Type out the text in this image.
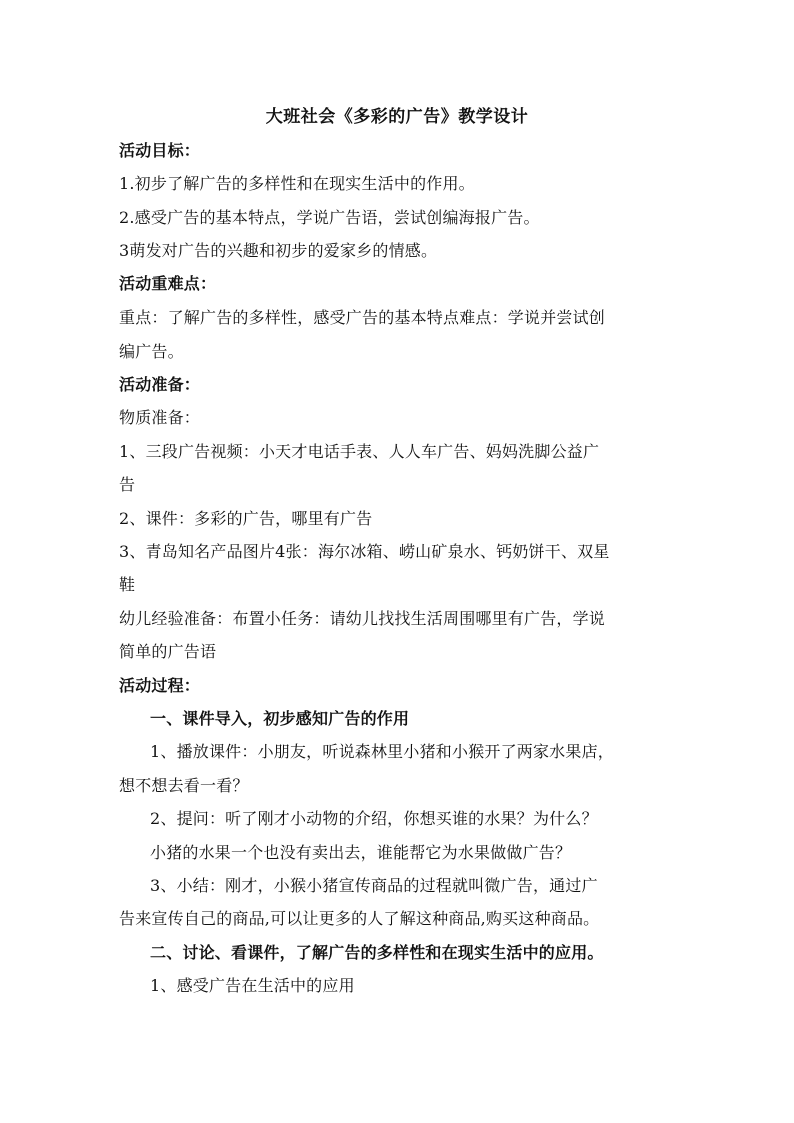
大班社会《多彩的广告》教学设计
活动目标：
1.初步了解广告的多样性和在现实生活中的作用。
2.感受广告的基本特点，学说广告语，尝试创编海报广告。
3萌发对广告的兴趣和初步的爱家乡的情感。
活动重难点：
重点：了解广告的多样性，感受广告的基本特点难点：学说并尝试创
编广告。
活动准备：
物质准备：
1、三段广告视频：小天才电话手表、人人车广告、妈妈洗脚公益广
告
2、课件：多彩的广告，哪里有广告
3、青岛知名产品图片4张：海尔冰箱、崂山矿泉水、钙奶饼干、双星
鞋
幼儿经验准备：布置小任务：请幼儿找找生活周围哪里有广告，学说
简单的广告语
活动过程：
一、课件导入，初步感知广告的作用
1、播放课件：小朋友，听说森林里小猪和小猴开了两家水果店，
想不想去看一看？
2、提问：听了刚才小动物的介绍，你想买谁的水果？为什么？
小猪的水果一个也没有卖出去，谁能帮它为水果做做广告？
3、小结：刚才，小猴小猪宣传商品的过程就叫微广告，通过广
告来宣传自己的商品,可以让更多的人了解这种商品,购买这种商品。
二、讨论、看课件，了解广告的多样性和在现实生活中的应用。
1、感受广告在生活中的应用
